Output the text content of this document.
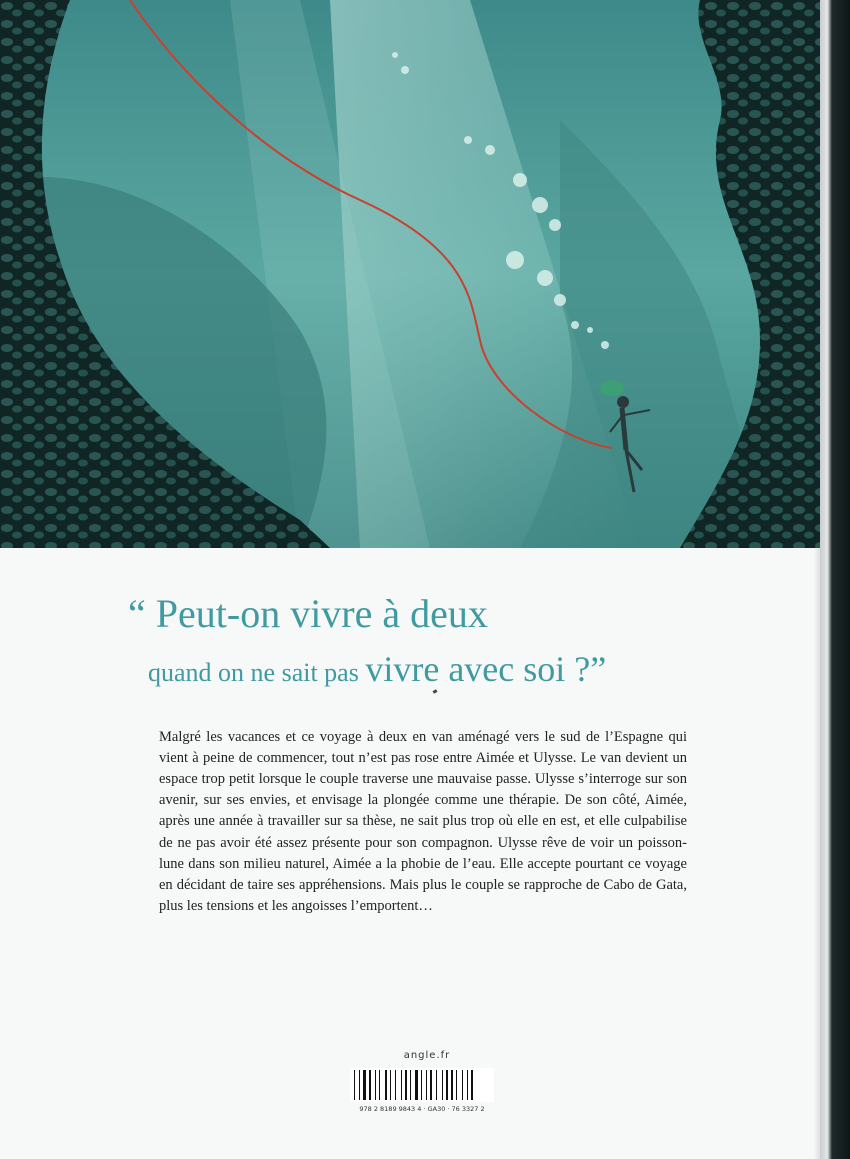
“ Peut-on vivre à deux
quand on ne sait pas vivre avec soi ?”

Malgré les vacances et ce voyage à deux en van aménagé vers le sud de l’Espagne qui vient à peine de commencer, tout n’est pas rose entre Aimée et Ulysse. Le van devient un espace trop petit lorsque le couple traverse une mauvaise passe. Ulysse s’interroge sur son avenir, sur ses envies, et envisage la plongée comme une thérapie. De son côté, Aimée, après une année à travailler sur sa thèse, ne sait plus trop où elle en est, et elle culpabilise de ne pas avoir été assez présente pour son compagnon. Ulysse rêve de voir un poisson-lune dans son milieu naturel, Aimée a la phobie de l’eau. Elle accepte pourtant ce voyage en décidant de taire ses appréhensions. Mais plus le couple se rapproche de Cabo de Gata, plus les tensions et les angoisses l’emportent…

angle.fr
978 2 8189 9843 4 · GA30 · 76 3327 2
